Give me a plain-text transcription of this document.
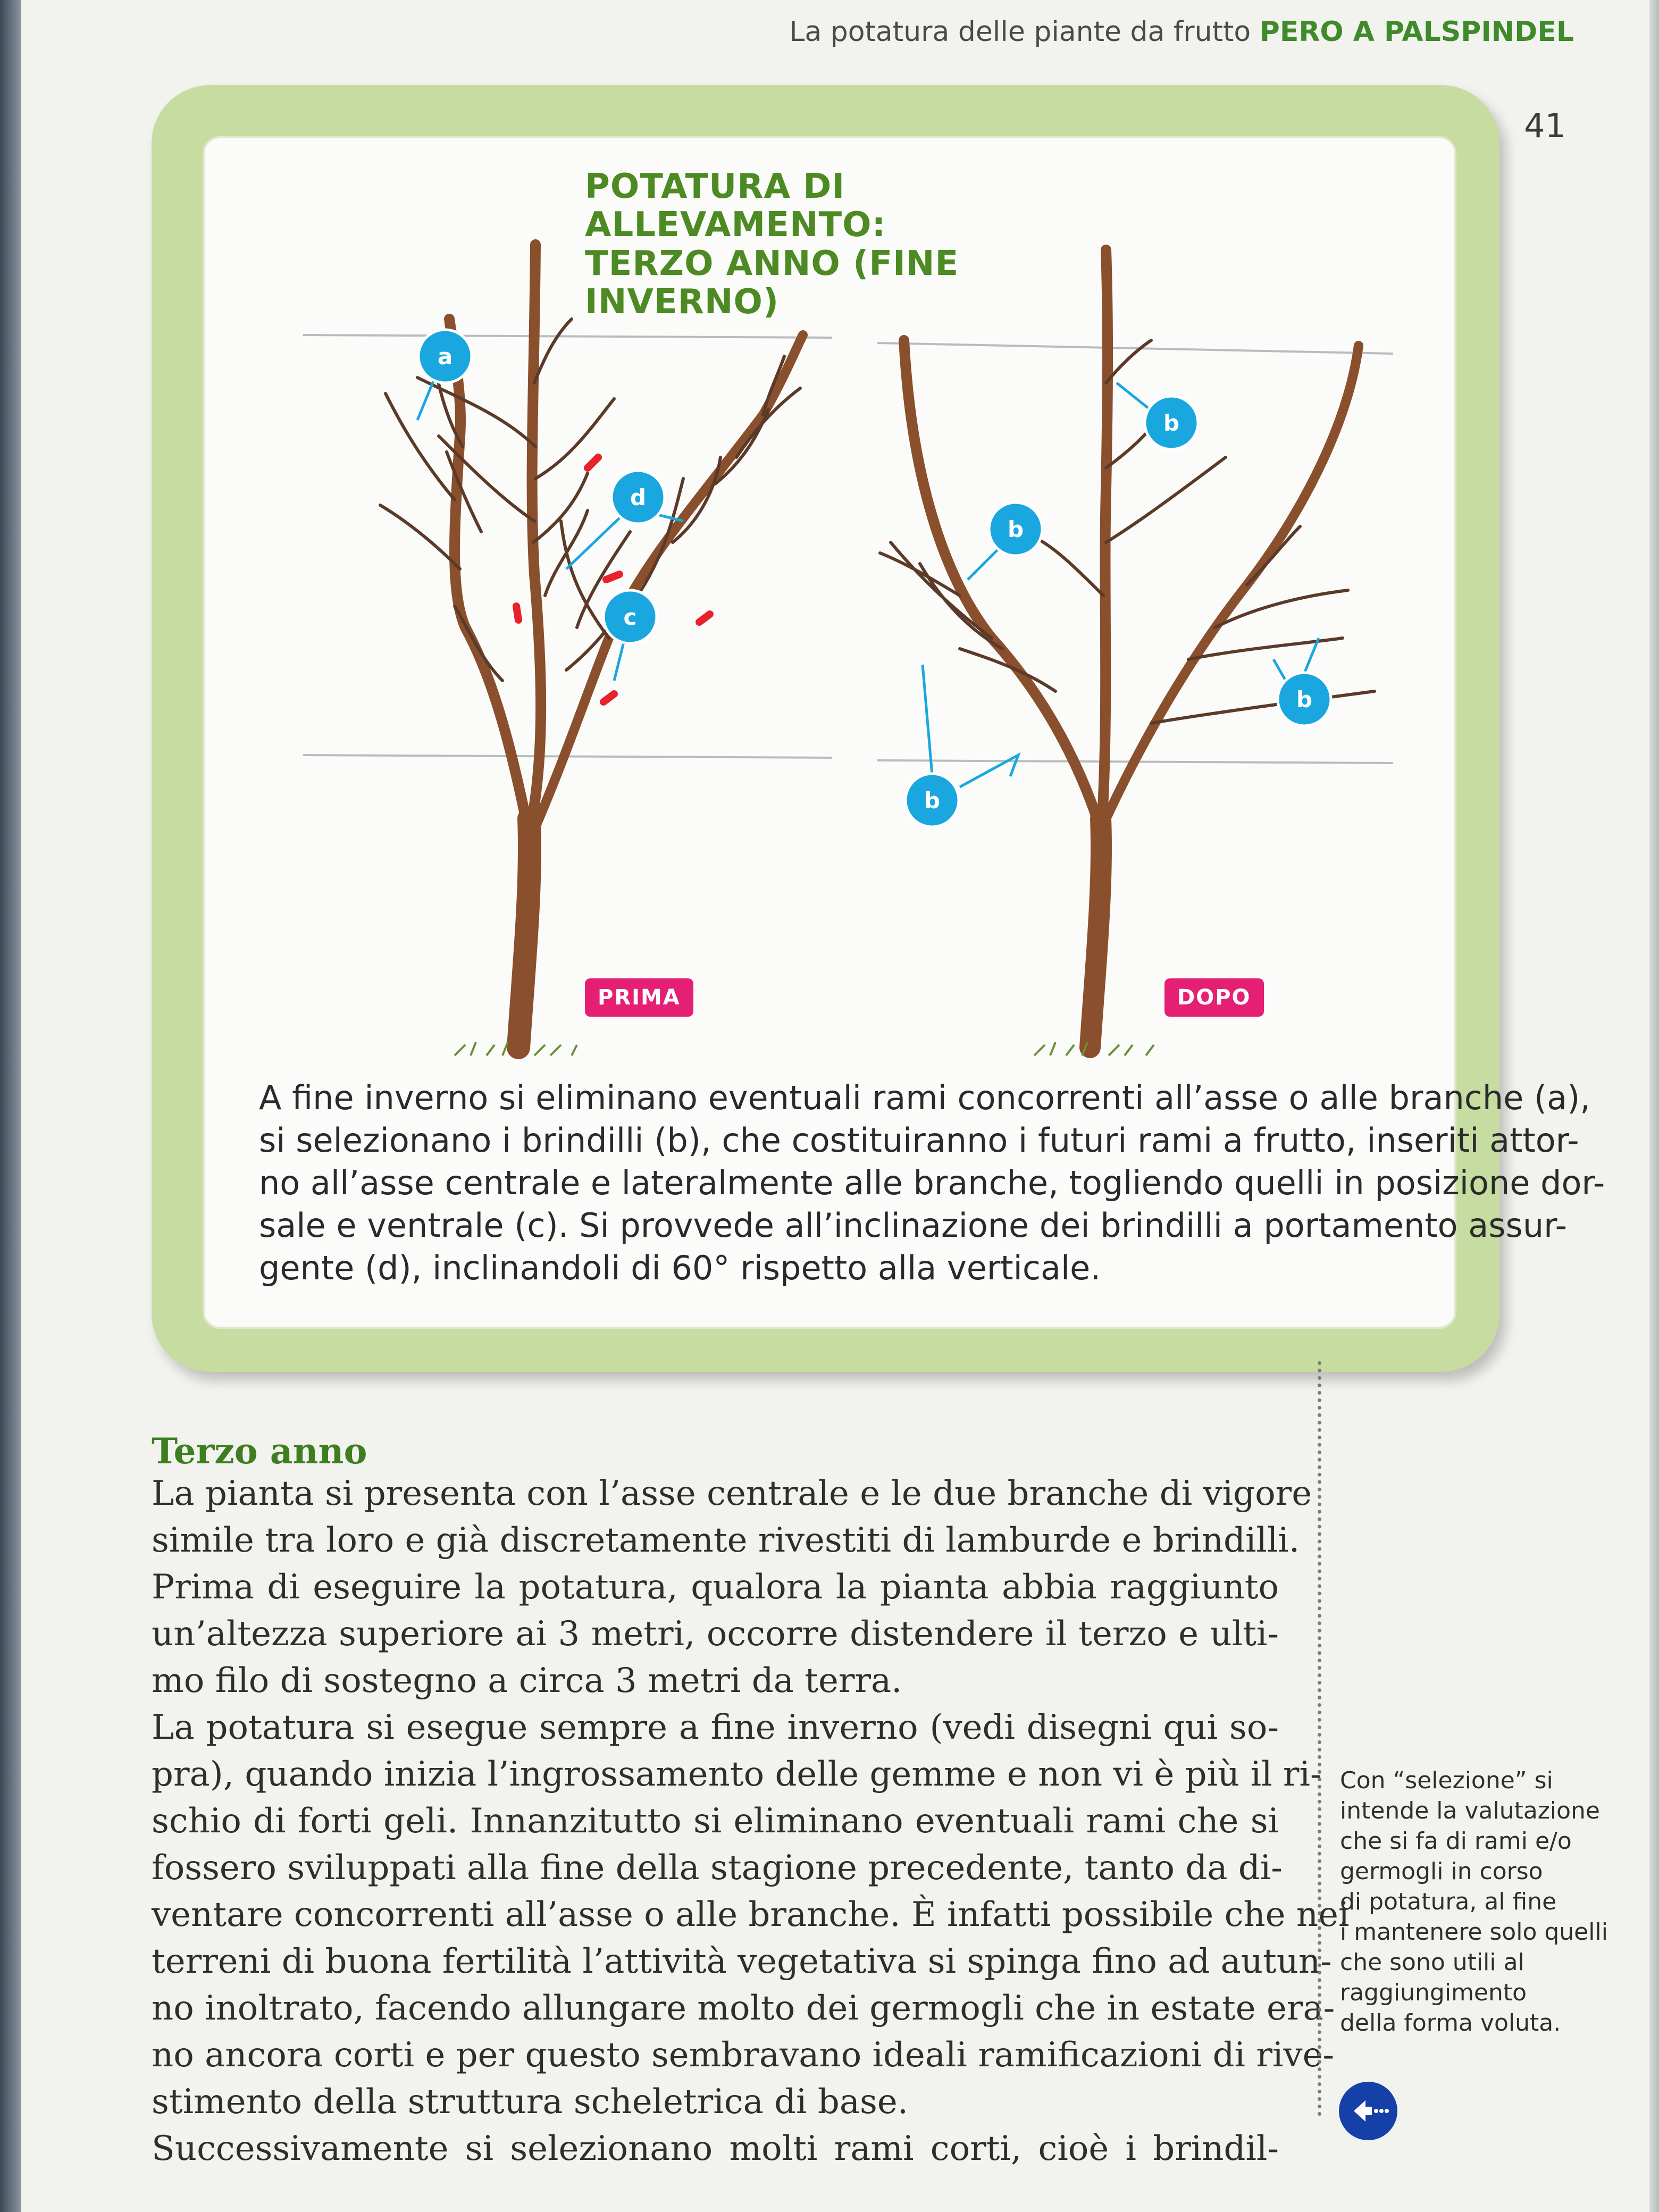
La potatura delle piante da frutto PERO A PALSPINDEL
41
POTATURA DI ALLEVAMENTO:
TERZO ANNO (FINE INVERNO)
a
d
c
b
b
b
b
PRIMA	DOPO
A fine inverno si eliminano eventuali rami concorrenti all’asse o alle branche (a),
si selezionano i brindilli (b), che costituiranno i futuri rami a frutto, inseriti attor-
no all’asse centrale e lateralmente alle branche, togliendo quelli in posizione dor-
sale e ventrale (c). Si provvede all’inclinazione dei brindilli a portamento assur-
gente (d), inclinandoli di 60° rispetto alla verticale.
Terzo anno
La pianta si presenta con l’asse centrale e le due branche di vigore
simile tra loro e già discretamente rivestiti di lamburde e brindilli.
Prima di eseguire la potatura, qualora la pianta abbia raggiunto
un’altezza superiore ai 3 metri, occorre distendere il terzo e ulti-
mo filo di sostegno a circa 3 metri da terra.
La potatura si esegue sempre a fine inverno (vedi disegni qui so-
pra), quando inizia l’ingrossamento delle gemme e non vi è più il ri-
schio di forti geli. Innanzitutto si eliminano eventuali rami che si
fossero sviluppati alla fine della stagione precedente, tanto da di-
ventare concorrenti all’asse o alle branche. È infatti possibile che nei
terreni di buona fertilità l’attività vegetativa si spinga fino ad autun-
no inoltrato, facendo allungare molto dei germogli che in estate era-
no ancora corti e per questo sembravano ideali ramificazioni di rive-
stimento della struttura scheletrica di base.
Successivamente si selezionano molti rami corti, cioè i brindil-
Con “selezione” si
intende la valutazione
che si fa di rami e/o
germogli in corso
di potatura, al fine
i mantenere solo quelli
che sono utili al
raggiungimento
della forma voluta.
